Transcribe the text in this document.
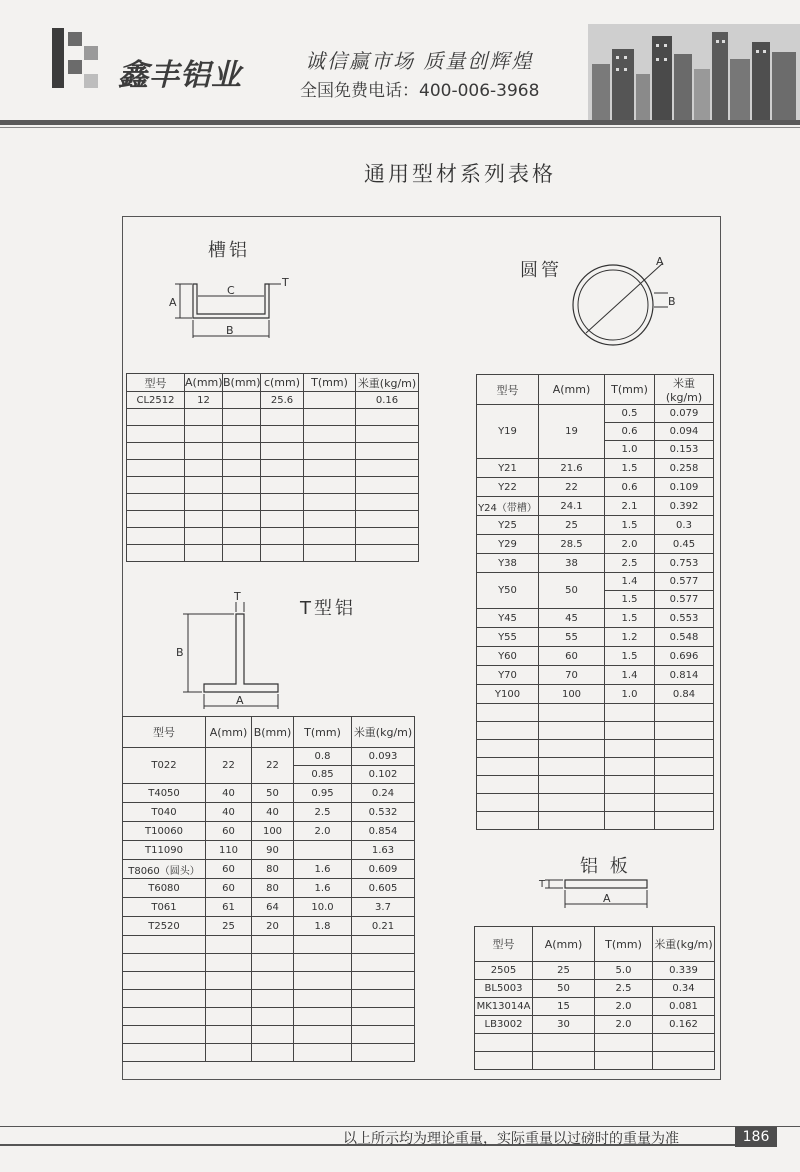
鑫丰铝业	诚信赢市场 质量创辉煌
全国免费电话：400-006-3968
通用型材系列表格
槽铝
A
C
B
T
型号	A(mm)	B(mm)	c(mm)	T(mm)	米重(kg/m)
CL2512	12		25.6		0.16

圆管	A
B
型号	A(mm)	T(mm)	米重(kg/m)
Y19	19	0.5	0.079
		0.6	0.094
		1.0	0.153
Y21	21.6	1.5	0.258
Y22	22	0.6	0.109
Y24（带槽）	24.1	2.1	0.392
Y25	25	1.5	0.3
Y29	28.5	2.0	0.45
Y38	38	2.5	0.753
Y50	50	1.4	0.577
		1.5	0.577
Y45	45	1.5	0.553
Y55	55	1.2	0.548
Y60	60	1.5	0.696
Y70	70	1.4	0.814
Y100	100	1.0	0.84

T型铝
B
A
T
型号	A(mm)	B(mm)	T(mm)	米重(kg/m)
T022	22	22	0.8	0.093
			0.85	0.102
T4050	40	50	0.95	0.24
T040	40	40	2.5	0.532
T10060	60	100	2.0	0.854
T11090	110	90		1.63
T8060（圆头）	60	80	1.6	0.609
T6080	60	80	1.6	0.605
T061	61	64	10.0	3.7
T2520	25	20	1.8	0.21

铝 板
T
A
型号	A(mm)	T(mm)	米重(kg/m)
2505	25	5.0	0.339
BL5003	50	2.5	0.34
MK13014A	15	2.0	0.081
LB3002	30	2.0	0.162

以上所示均为理论重量，实际重量以过磅时的重量为准	186
